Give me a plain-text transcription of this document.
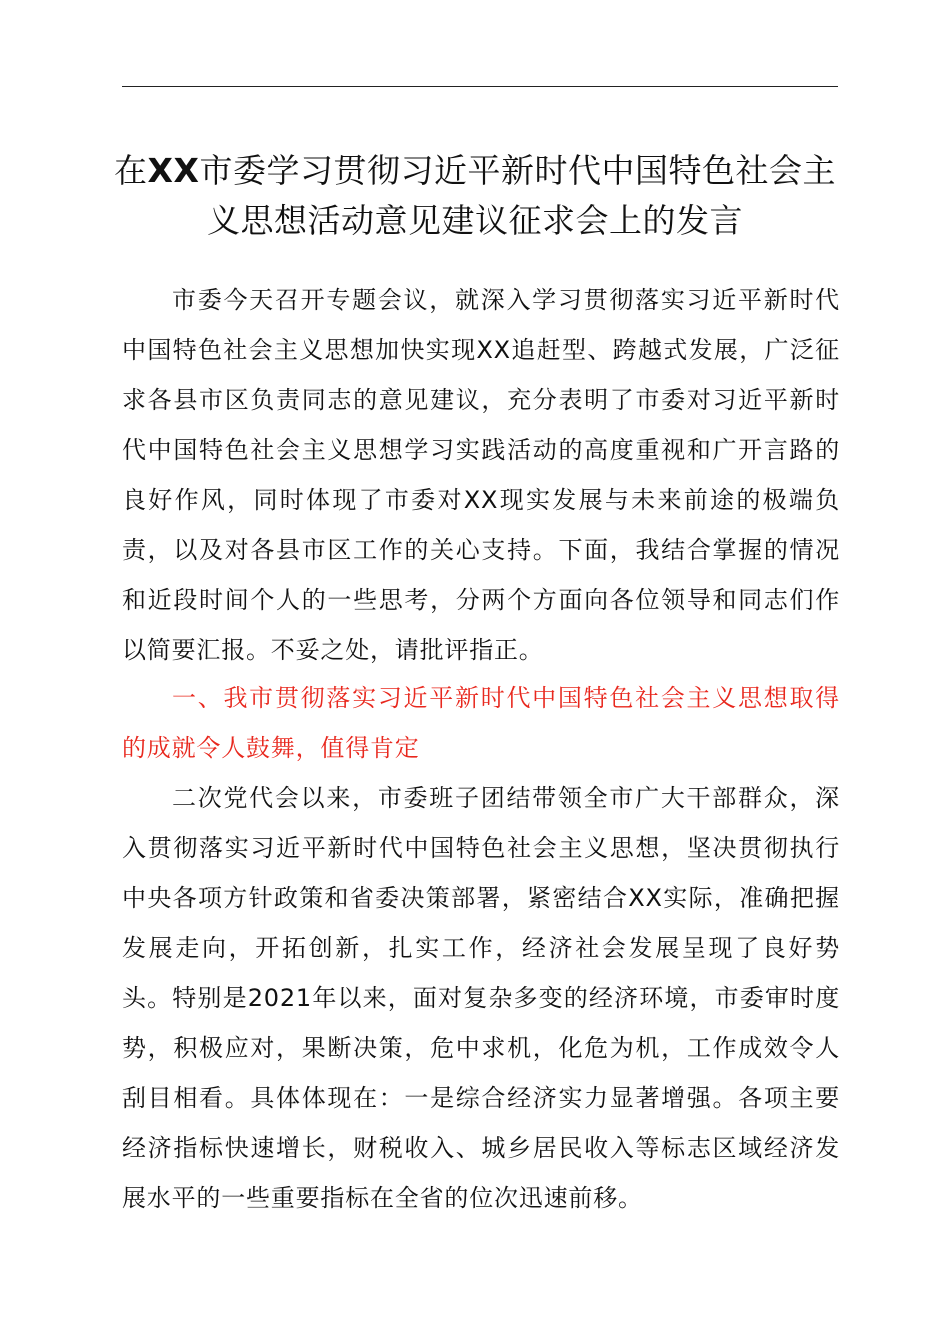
在XX市委学习贯彻习近平新时代中国特色社会主义思想活动意见建议征求会上的发言

市委今天召开专题会议，就深入学习贯彻落实习近平新时代中国特色社会主义思想加快实现XX追赶型、跨越式发展，广泛征求各县市区负责同志的意见建议，充分表明了市委对习近平新时代中国特色社会主义思想学习实践活动的高度重视和广开言路的良好作风，同时体现了市委对XX现实发展与未来前途的极端负责，以及对各县市区工作的关心支持。下面，我结合掌握的情况和近段时间个人的一些思考，分两个方面向各位领导和同志们作以简要汇报。不妥之处，请批评指正。

一、我市贯彻落实习近平新时代中国特色社会主义思想取得的成就令人鼓舞，值得肯定

二次党代会以来，市委班子团结带领全市广大干部群众，深入贯彻落实习近平新时代中国特色社会主义思想，坚决贯彻执行中央各项方针政策和省委决策部署，紧密结合XX实际，准确把握发展走向，开拓创新，扎实工作，经济社会发展呈现了良好势头。特别是2021年以来，面对复杂多变的经济环境，市委审时度势，积极应对，果断决策，危中求机，化危为机，工作成效令人刮目相看。具体体现在：一是综合经济实力显著增强。各项主要经济指标快速增长，财税收入、城乡居民收入等标志区域经济发展水平的一些重要指标在全省的位次迅速前移。
